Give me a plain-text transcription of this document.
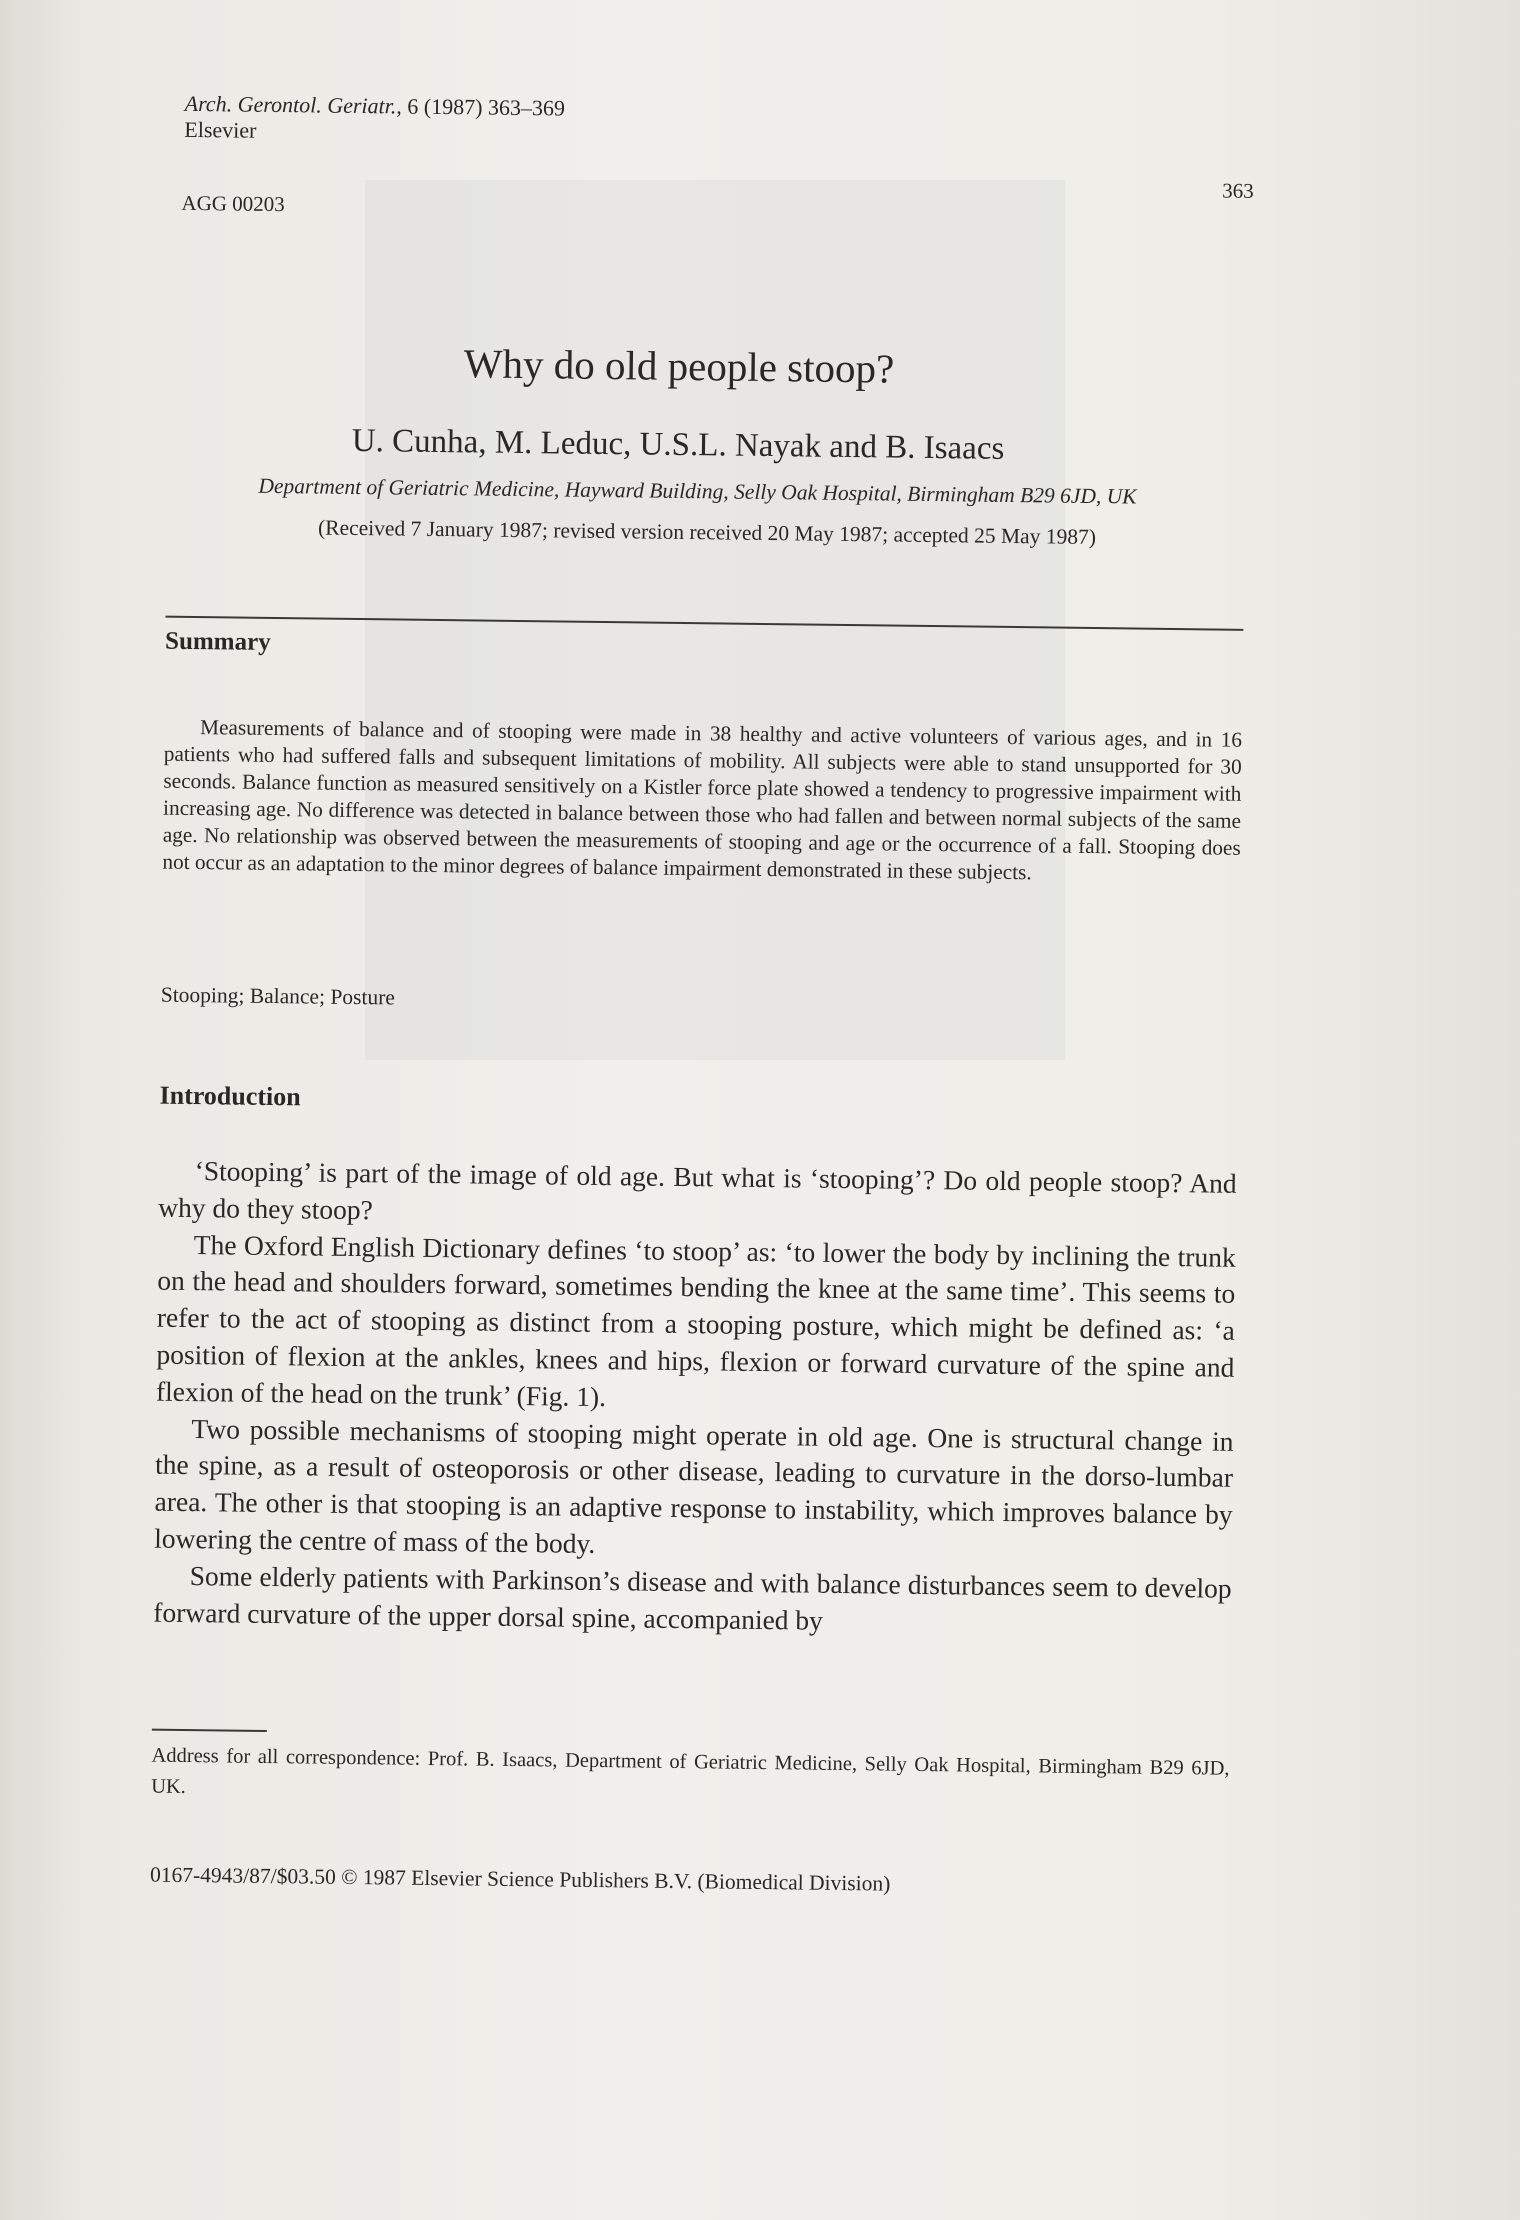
Arch. Gerontol. Geriatr., 6 (1987) 363–369
Elsevier
363
AGG 00203
Why do old people stoop?
U. Cunha, M. Leduc, U.S.L. Nayak and B. Isaacs
Department of Geriatric Medicine, Hayward Building, Selly Oak Hospital, Birmingham B29 6JD, UK
(Received 7 January 1987; revised version received 20 May 1987; accepted 25 May 1987)
Summary
Measurements of balance and of stooping were made in 38 healthy and active volunteers of various ages, and in 16 patients who had suffered falls and subsequent limitations of mobility. All subjects were able to stand unsupported for 30 seconds. Balance function as measured sensitively on a Kistler force plate showed a tendency to progressive impairment with increasing age. No difference was detected in balance between those who had fallen and between normal subjects of the same age. No relationship was observed between the measurements of stooping and age or the occurrence of a fall. Stooping does not occur as an adaptation to the minor degrees of balance impairment demonstrated in these subjects.
Stooping; Balance; Posture
Introduction

‘Stooping’ is part of the image of old age. But what is ‘stooping’? Do old people stoop? And why do they stoop?

The Oxford English Dictionary defines ‘to stoop’ as: ‘to lower the body by inclining the trunk on the head and shoulders forward, sometimes bending the knee at the same time’. This seems to refer to the act of stooping as distinct from a stooping posture, which might be defined as: ‘a position of flexion at the ankles, knees and hips, flexion or forward curvature of the spine and flexion of the head on the trunk’ (Fig. 1).

Two possible mechanisms of stooping might operate in old age. One is structural change in the spine, as a result of osteoporosis or other disease, leading to curvature in the dorso-lumbar area. The other is that stooping is an adaptive response to instability, which improves balance by lowering the centre of mass of the body.

Some elderly patients with Parkinson’s disease and with balance disturbances seem to develop forward curvature of the upper dorsal spine, accompanied by

Address for all correspondence: Prof. B. Isaacs, Department of Geriatric Medicine, Selly Oak Hospital, Birmingham B29 6JD, UK.
0167-4943/87/$03.50 © 1987 Elsevier Science Publishers B.V. (Biomedical Division)
